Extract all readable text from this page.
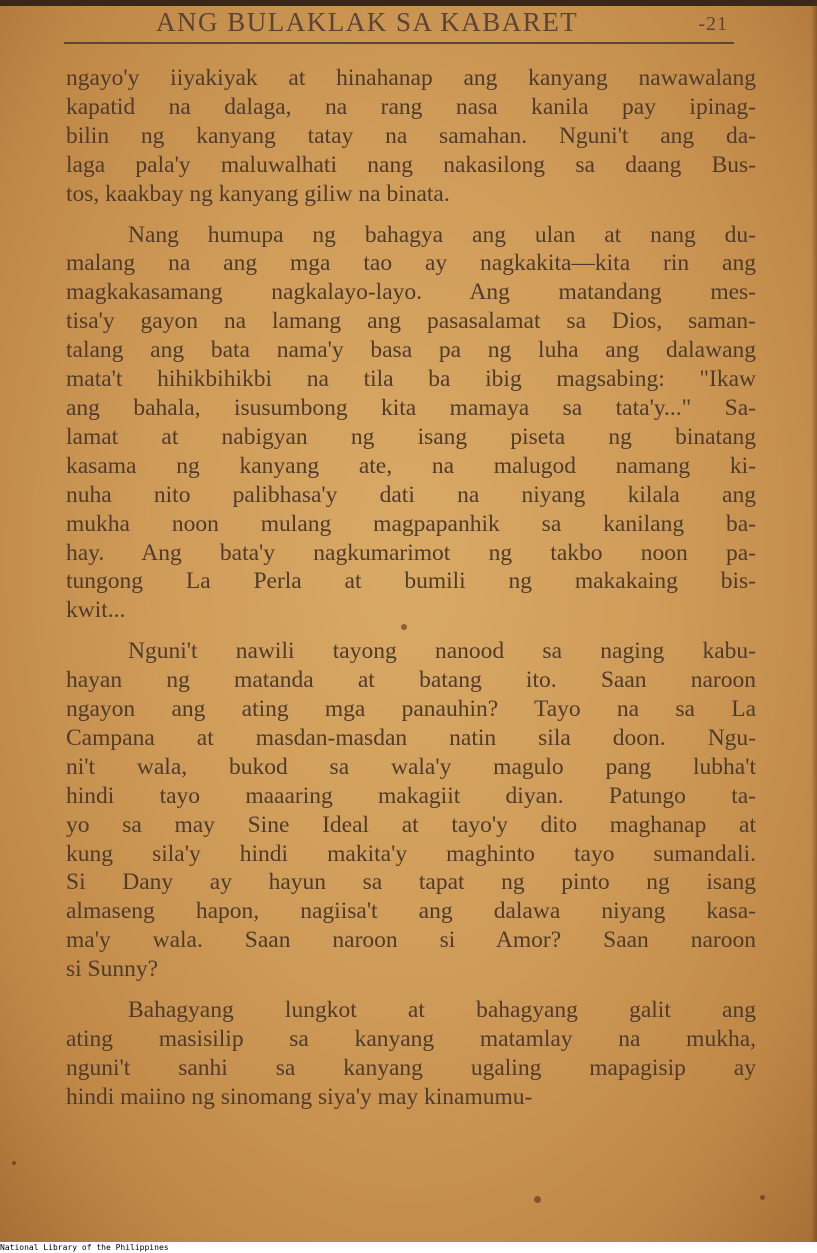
ANG BULAKLAK SA KABARET	-21

ngayo'y iiyakiyak at hinahanap ang kanyang nawawalang
kapatid na dalaga, na rang nasa kanila pay ipinag-
bilin ng kanyang tatay na samahan. Nguni't ang da-
laga pala'y maluwalhati nang nakasilong sa daang Bus-
tos, kaakbay ng kanyang giliw na binata.

Nang humupa ng bahagya ang ulan at nang du-
malang na ang mga tao ay nagkakita—kita rin ang
magkakasamang nagkalayo-layo. Ang matandang mes-
tisa'y gayon na lamang ang pasasalamat sa Dios, saman-
talang ang bata nama'y basa pa ng luha ang dalawang
mata't hihikbihikbi na tila ba ibig magsabing: "Ikaw
ang bahala, isusumbong kita mamaya sa tata'y..." Sa-
lamat at nabigyan ng isang piseta ng binatang
kasama ng kanyang ate, na malugod namang ki-
nuha nito palibhasa'y dati na niyang kilala ang
mukha noon mulang magpapanhik sa kanilang ba-
hay. Ang bata'y nagkumarimot ng takbo noon pa-
tungong La Perla at bumili ng makakaing bis-
kwit...

Nguni't nawili tayong nanood sa naging kabu-
hayan ng matanda at batang ito. Saan naroon
ngayon ang ating mga panauhin? Tayo na sa La
Campana at masdan-masdan natin sila doon. Ngu-
ni't wala, bukod sa wala'y magulo pang lubha't
hindi tayo maaaring makagiit diyan. Patungo ta-
yo sa may Sine Ideal at tayo'y dito maghanap at
kung sila'y hindi makita'y maghinto tayo sumandali.
Si Dany ay hayun sa tapat ng pinto ng isang
almaseng hapon, nagiisa't ang dalawa niyang kasa-
ma'y wala. Saan naroon si Amor? Saan naroon
si Sunny?

Bahagyang lungkot at bahagyang galit ang
ating masisilip sa kanyang matamlay na mukha,
nguni't sanhi sa kanyang ugaling mapagisip ay
hindi maiino ng sinomang siya'y may kinamumu-

National Library of the Philippines
